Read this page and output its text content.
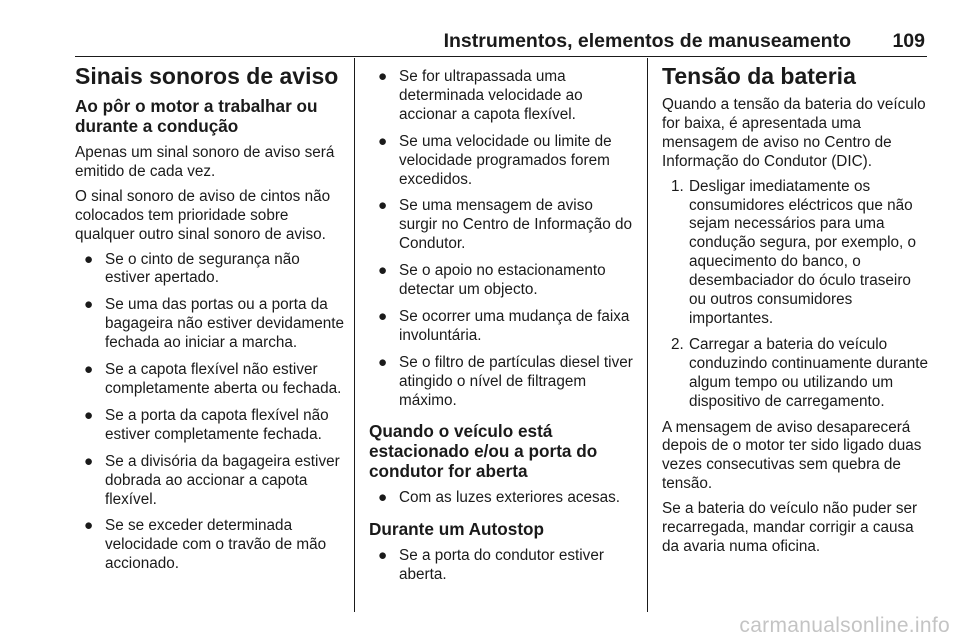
Instrumentos, elementos de manuseamento 109
Sinais sonoros de aviso
Ao pôr o motor a trabalhar ou durante a condução

Apenas um sinal sonoro de aviso será emitido de cada vez.

O sinal sonoro de aviso de cintos não colocados tem prioridade sobre qualquer outro sinal sonoro de aviso.

● Se o cinto de segurança não estiver apertado.
● Se uma das portas ou a porta da bagageira não estiver devidamente fechada ao iniciar a marcha.
● Se a capota flexível não estiver completamente aberta ou fechada.
● Se a porta da capota flexível não estiver completamente fechada.
● Se a divisória da bagageira estiver dobrada ao accionar a capota flexível.
● Se se exceder determinada velocidade com o travão de mão accionado.
● Se for ultrapassada uma determinada velocidade ao accionar a capota flexível.
● Se uma velocidade ou limite de velocidade programados forem excedidos.
● Se uma mensagem de aviso surgir no Centro de Informação do Condutor.
● Se o apoio no estacionamento detectar um objecto.
● Se ocorrer uma mudança de faixa involuntária.
● Se o filtro de partículas diesel tiver atingido o nível de filtragem máximo.
Quando o veículo está estacionado e/ou a porta do condutor for aberta
● Com as luzes exteriores acesas.
Durante um Autostop
● Se a porta do condutor estiver aberta.
Tensão da bateria

Quando a tensão da bateria do veículo for baixa, é apresentada uma mensagem de aviso no Centro de Informação do Condutor (DIC).

1. Desligar imediatamente os consumidores eléctricos que não sejam necessários para uma condução segura, por exemplo, o aquecimento do banco, o desembaciador do óculo traseiro ou outros consumidores importantes.
2. Carregar a bateria do veículo conduzindo continuamente durante algum tempo ou utilizando um dispositivo de carregamento.

A mensagem de aviso desaparecerá depois de o motor ter sido ligado duas vezes consecutivas sem quebra de tensão.

Se a bateria do veículo não puder ser recarregada, mandar corrigir a causa da avaria numa oficina.

carmanualsonline.info
